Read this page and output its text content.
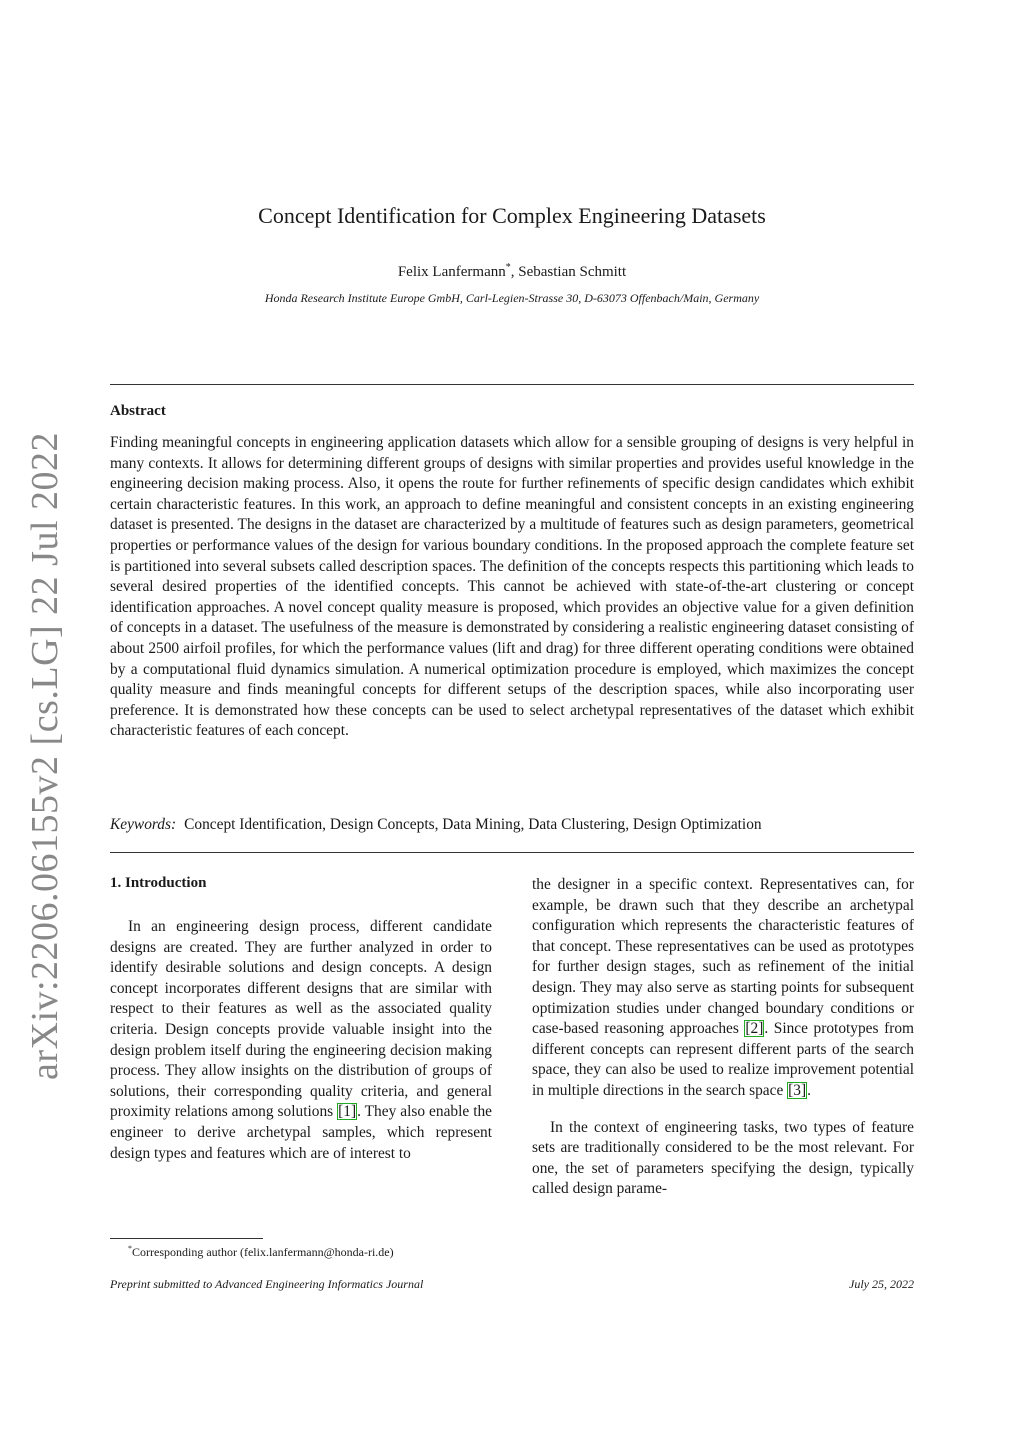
arXiv:2206.06155v2 [cs.LG] 22 Jul 2022
Concept Identification for Complex Engineering Datasets
Felix Lanfermann*, Sebastian Schmitt
Honda Research Institute Europe GmbH, Carl-Legien-Strasse 30, D-63073 Offenbach/Main, Germany
Abstract
Finding meaningful concepts in engineering application datasets which allow for a sensible grouping of designs is very helpful in many contexts. It allows for determining different groups of designs with similar properties and provides useful knowledge in the engineering decision making process. Also, it opens the route for further refinements of specific design candidates which exhibit certain characteristic features. In this work, an approach to define meaningful and consistent concepts in an existing engineering dataset is presented. The designs in the dataset are characterized by a multitude of features such as design parameters, geometrical properties or performance values of the design for various boundary conditions. In the proposed approach the complete feature set is partitioned into several subsets called description spaces. The definition of the concepts respects this partitioning which leads to several desired properties of the identified concepts. This cannot be achieved with state-of-the-art clustering or concept identification approaches. A novel concept quality measure is proposed, which provides an objective value for a given definition of concepts in a dataset. The usefulness of the measure is demonstrated by considering a realistic engineering dataset consisting of about 2500 airfoil profiles, for which the performance values (lift and drag) for three different operating conditions were obtained by a computational fluid dynamics simulation. A numerical optimization procedure is employed, which maximizes the concept quality measure and finds meaningful concepts for different setups of the description spaces, while also incorporating user preference. It is demonstrated how these concepts can be used to select archetypal representatives of the dataset which exhibit characteristic features of each concept.
Keywords: Concept Identification, Design Concepts, Data Mining, Data Clustering, Design Optimization
1. Introduction

In an engineering design process, different candidate designs are created. They are further analyzed in order to identify desirable solutions and design concepts. A design concept incorporates different designs that are similar with respect to their features as well as the associated quality criteria. Design concepts provide valuable insight into the design problem itself during the engineering decision making process. They allow insights on the distribution of groups of solutions, their corresponding quality criteria, and general proximity relations among solutions [1]. They also enable the engineer to derive archetypal samples, which represent design types and features which are of interest to

the designer in a specific context. Representatives can, for example, be drawn such that they describe an archetypal configuration which represents the characteristic features of that concept. These representatives can be used as prototypes for further design stages, such as refinement of the initial design. They may also serve as starting points for subsequent optimization studies under changed boundary conditions or case-based reasoning approaches [2]. Since prototypes from different concepts can represent different parts of the search space, they can also be used to realize improvement potential in multiple directions in the search space [3].

In the context of engineering tasks, two types of feature sets are traditionally considered to be the most relevant. For one, the set of parameters specifying the design, typically called design parame-

*Corresponding author (felix.lanfermann@honda-ri.de)
Preprint submitted to Advanced Engineering Informatics Journal	July 25, 2022
